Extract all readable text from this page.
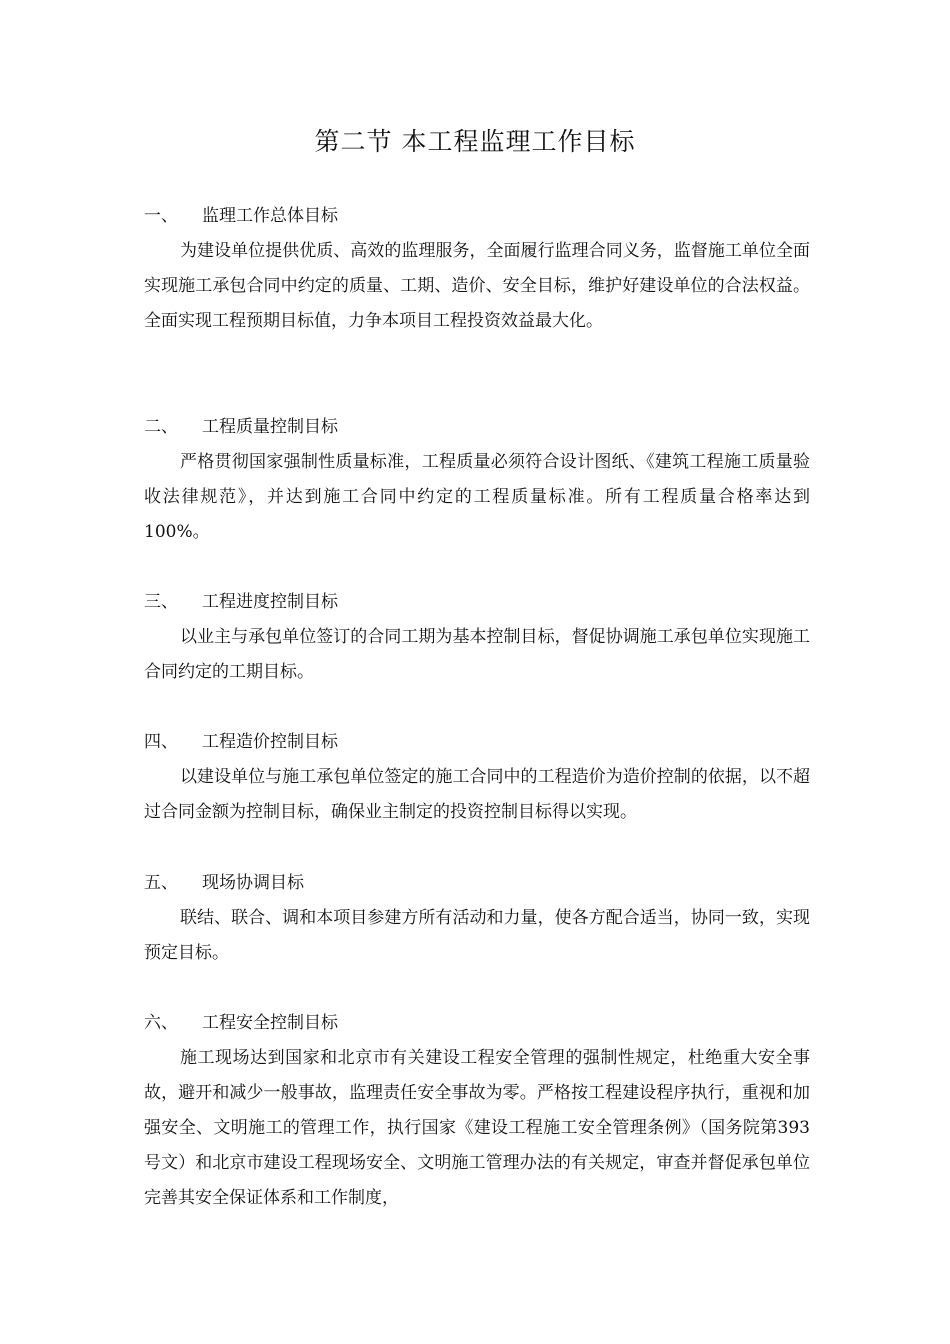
第二节 本工程监理工作目标
一、 监理工作总体目标
为建设单位提供优质、高效的监理服务，全面履行监理合同义务，监督施工单位全面实现施工承包合同中约定的质量、工期、造价、安全目标，维护好建设单位的合法权益。全面实现工程预期目标值，力争本项目工程投资效益最大化。
二、 工程质量控制目标
严格贯彻国家强制性质量标准，工程质量必须符合设计图纸、《建筑工程施工质量验收法律规范》，并达到施工合同中约定的工程质量标准。所有工程质量合格率达到100%。
三、 工程进度控制目标
以业主与承包单位签订的合同工期为基本控制目标，督促协调施工承包单位实现施工合同约定的工期目标。
四、 工程造价控制目标
以建设单位与施工承包单位签定的施工合同中的工程造价为造价控制的依据，以不超过合同金额为控制目标，确保业主制定的投资控制目标得以实现。
五、 现场协调目标
联结、联合、调和本项目参建方所有活动和力量，使各方配合适当，协同一致，实现预定目标。
六、 工程安全控制目标
施工现场达到国家和北京市有关建设工程安全管理的强制性规定，杜绝重大安全事故，避开和减少一般事故，监理责任安全事故为零。严格按工程建设程序执行，重视和加强安全、文明施工的管理工作，执行国家《建设工程施工安全管理条例》（国务院第393号文）和北京市建设工程现场安全、文明施工管理办法的有关规定，审查并督促承包单位完善其安全保证体系和工作制度，
